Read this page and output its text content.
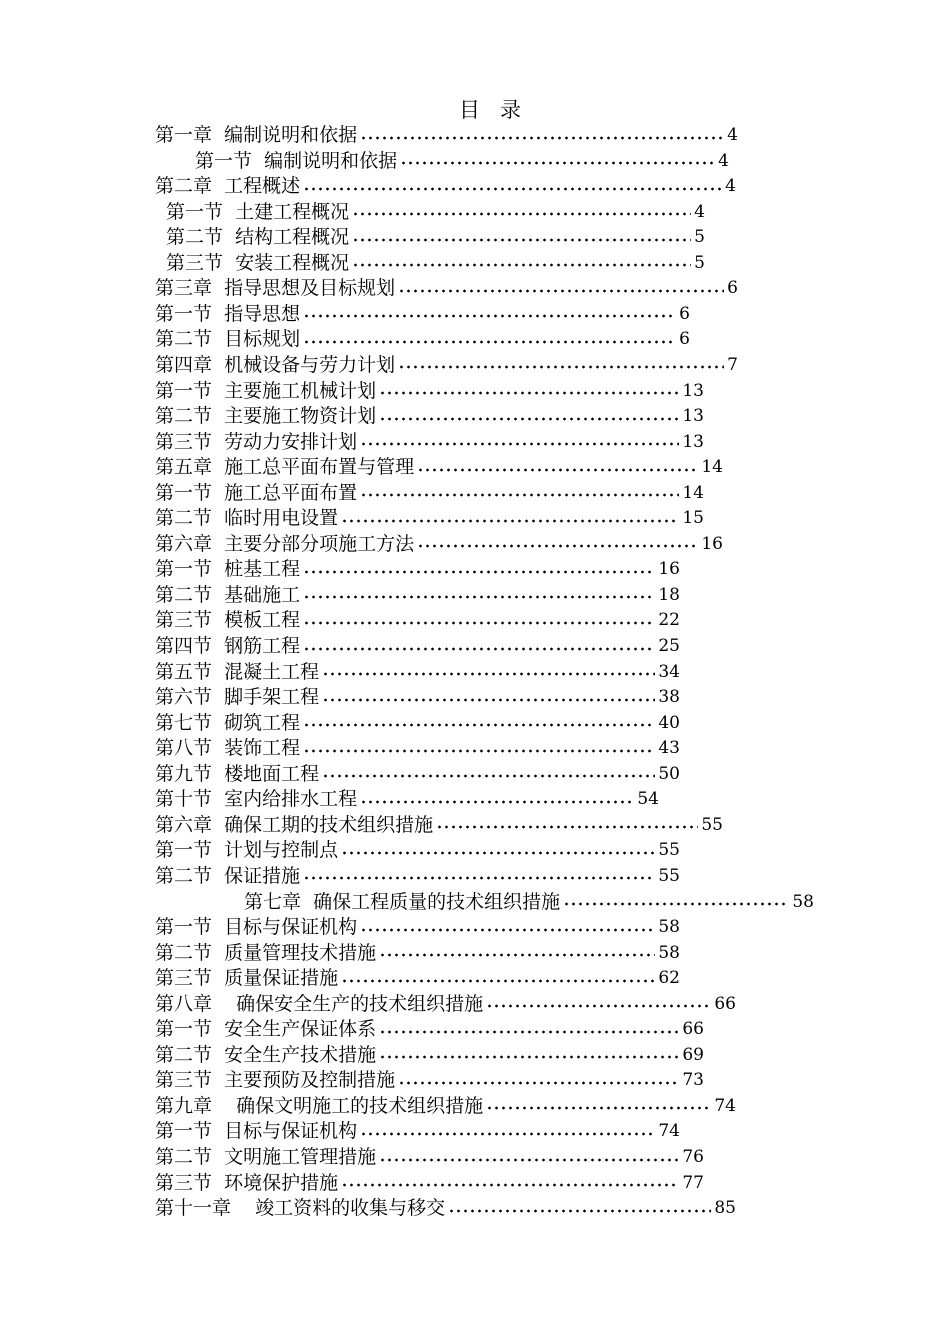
目录
第一章  编制说明和依据	4
第一节  编制说明和依据	4
第二章  工程概述	4
第一节  土建工程概况	4
第二节  结构工程概况	5
第三节  安装工程概况	5
第三章  指导思想及目标规划	6
第一节  指导思想	6
第二节  目标规划	6
第四章  机械设备与劳力计划	7
第一节  主要施工机械计划	13
第二节  主要施工物资计划	13
第三节  劳动力安排计划	13
第五章  施工总平面布置与管理	14
第一节  施工总平面布置	14
第二节  临时用电设置	15
第六章  主要分部分项施工方法	16
第一节  桩基工程	16
第二节  基础施工	18
第三节  模板工程	22
第四节  钢筋工程	25
第五节  混凝土工程	34
第六节  脚手架工程	38
第七节  砌筑工程	40
第八节  装饰工程	43
第九节  楼地面工程	50
第十节  室内给排水工程	54
第六章  确保工期的技术组织措施	55
第一节  计划与控制点	55
第二节  保证措施	55
第七章  确保工程质量的技术组织措施	58
第一节  目标与保证机构	58
第二节  质量管理技术措施	58
第三节  质量保证措施	62
第八章    确保安全生产的技术组织措施	66
第一节  安全生产保证体系	66
第二节  安全生产技术措施	69
第三节  主要预防及控制措施	73
第九章    确保文明施工的技术组织措施	74
第一节  目标与保证机构	74
第二节  文明施工管理措施	76
第三节  环境保护措施	77
第十一章    竣工资料的收集与移交	85
